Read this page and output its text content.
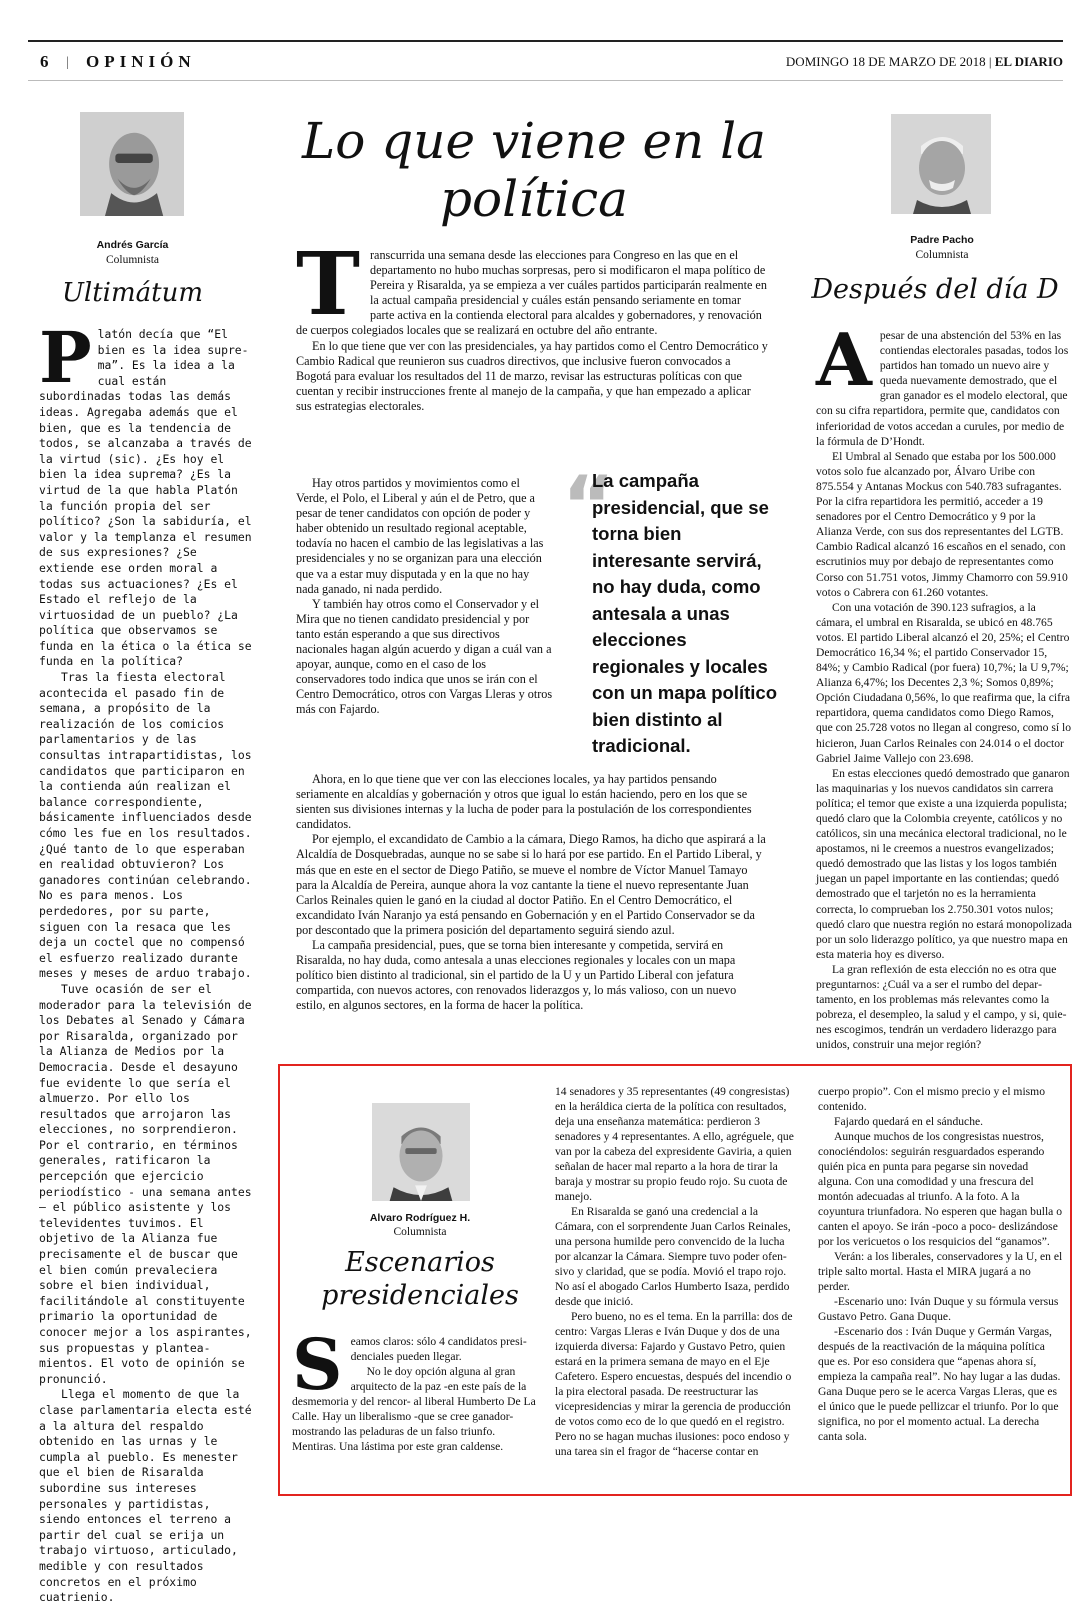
6 | OPINIÓN	DOMINGO 18 DE MARZO DE 2018 | EL DIARIO
Andrés García
Columnista
Ultimátum

Platón decía que “El bien es la idea suprema”. Es la idea a la cual están subordinadas todas las demás ideas. Agregaba además que el bien, que es la tendencia de todos, se alcanzaba a través de la virtud (sic). ¿Es hoy el bien la idea suprema? ¿Es la virtud de la que habla Platón la función propia del ser político? ¿Son la sabiduría, el valor y la templanza el resumen de sus expresiones? ¿Se extiende ese orden moral a todas sus actuaciones? ¿Es el Estado el reflejo de la virtuosidad de un pueblo? ¿La política que observamos se funda en la ética o la ética se funda en la política?

Tras la fiesta electoral acontecida el pasado fin de semana, a propósito de la realización de los comicios parlamentarios y de las consultas intrapartidistas, los candidatos que participaron en la contienda aún realizan el balance correspondiente, básicamente influenciados desde cómo les fue en los resultados. ¿Qué tanto de lo que esperaban en realidad obtuvieron? Los ganadores continúan celebrando. No es para menos. Los perdedores, por su parte, siguen con la resaca que les deja un coctel que no compensó el esfuerzo realizado durante meses y meses de arduo trabajo.

Tuve ocasión de ser el moderador para la televisión de los Debates al Senado y Cámara por Risaralda, organizado por la Alianza de Medios por la Democracia. Desde el desayuno fue evidente lo que sería el almuerzo. Por ello los resultados que arrojaron las elecciones, no sorprendieron. Por el contrario, en términos generales, ratificaron la percepción que ejercicio periodístico - una semana antes – el público asistente y los televidentes tuvimos. El objetivo de la Alianza fue precisamente el de buscar que el bien común prevaleciera sobre el bien individual, facilitándole al constituyente primario la oportunidad de conocer mejor a los aspirantes, sus propuestas y planteamientos. El voto de opinión se pronunció.

Llega el momento de que la clase parlamentaria electa esté a la altura del respaldo obtenido en las urnas y le cumpla al pueblo. Es menester que el bien de Risaralda subordine sus intereses personales y partidistas, siendo entonces el terreno a partir del cual se erija un trabajo virtuoso, articulado, medible y con resultados concretos en el próximo cuatrienio.

Lo que viene en la política

Transcurrida una semana desde las elecciones para Congreso en las que en el departamento no hubo muchas sorpresas, pero si modificaron el mapa político de Pereira y Risaralda, ya se empieza a ver cuáles partidos participarán realmente en la actual campaña presidencial y cuáles están pensando seriamente en tomar parte activa en la contienda electoral para alcaldes y gobernadores, y renovación de cuerpos colegiados locales que se realizará en octubre del año entrante.

En lo que tiene que ver con las presidenciales, ya hay partidos como el Centro Democrático y Cambio Radical que reunieron sus cuadros directivos, que inclusive fueron convocados a Bogotá para evaluar los resultados del 11 de marzo, revisar las estructuras políticas con que cuentan y recibir instrucciones frente al manejo de la campaña, y que han empezado a aplicar sus estrategias electorales.

Hay otros partidos y movimientos como el Verde, el Polo, el Liberal y aún el de Petro, que a pesar de tener candidatos con opción de poder y haber obtenido un resultado regional aceptable, todavía no hacen el cambio de las legislativas a las presidenciales y no se organizan para una elección que va a estar muy disputada y en la que no hay nada ganado, ni nada perdido.

Y también hay otros como el Conservador y el Mira que no tienen candidato presidencial y por tanto están esperando a que sus directivos nacionales hagan algún acuerdo y digan a cuál van a apoyar, aunque, como en el caso de los conservadores todo indica que unos se irán con el Centro Democrático, otros con Vargas Lleras y otros más con Fajardo.

“
La campaña presidencial, que se torna bien interesante servirá, no hay duda, como antesala a unas elecciones regionales y locales con un mapa político bien distinto al tradicional.

Ahora, en lo que tiene que ver con las elecciones locales, ya hay partidos pensando seriamente en alcaldías y gobernación y otros que igual lo están haciendo, pero en los que se sienten sus divisiones internas y la lucha de poder para la postulación de los correspondientes candidatos.

Por ejemplo, el excandidato de Cambio a la cámara, Diego Ramos, ha dicho que aspirará a la Alcaldía de Dosquebradas, aunque no se sabe si lo hará por ese partido. En el Partido Liberal, y más que en este en el sector de Diego Patiño, se mueve el nombre de Víctor Manuel Tamayo para la Alcaldía de Pereira, aunque ahora la voz cantante la tiene el nuevo representante Juan Carlos Reinales quien le ganó en la ciudad al doctor Patiño. En el Centro Democrático, el excandidato Iván Naranjo ya está pensando en Gobernación y en el Partido Conservador se da por descontado que la primera posición del departamento seguirá siendo azul.

La campaña presidencial, pues, que se torna bien interesante y competida, servirá en Risaralda, no hay duda, como antesala a unas elecciones regionales y locales con un mapa político bien distinto al tradicional, sin el partido de la U y un Partido Liberal con jefatura compartida, con nuevos actores, con renovados liderazgos y, lo más valioso, con un nuevo estilo, en algunos sectores, en la forma de hacer la política.

Padre Pacho
Columnista
Después del día D

Apesar de una abstención del 53% en las contiendas electorales pasadas, todos los partidos han tomado un nuevo aire y queda nuevamente demostrado, que el gran ganador es el modelo electoral, que con su cifra repartidora, permite que, candidatos con inferioridad de votos accedan a curules, por medio de la fórmula de D’Hondt.

El Umbral al Senado que estaba por los 500.000 votos solo fue alcanzado por, Álvaro Uribe con 875.554 y Antanas Mockus con 540.783 sufragantes. Por la cifra repartidora les permitió, acceder a 19 senadores por el Centro Democrático y 9 por la Alianza Verde, con sus dos representantes del LGTB. Cambio Radical alcanzó 16 escaños en el senado, con escrutinios muy por debajo de representantes como Corso con 51.751 votos, Jimmy Chamorro con 59.910 votos o Cabrera con 61.260 votantes.

Con una votación de 390.123 sufragios, a la cámara, el umbral en Risaralda, se ubicó en 48.765 votos. El partido Liberal alcanzó el 20, 25%; el Centro Democrático 16,34 %; el partido Conservador 15, 84%; y Cambio Radical (por fuera) 10,7%; la U 9,7%; Alianza 6,47%; los Decentes 2,3 %; Somos 0,89%; Opción Ciudadana 0,56%, lo que reafirma que, la cifra repartidora, quema candidatos como Diego Ramos, que con 25.728 votos no llegan al congreso, como sí lo hicieron, Juan Carlos Reinales con 24.014 o el doctor Gabriel Jaime Vallejo con 23.698.

En estas elecciones quedó demostrado que ganaron las maquinarias y los nuevos candidatos sin carrera política; el temor que existe a una izquierda populista; quedó claro que la Colombia creyente, católicos y no católicos, sin una mecánica electoral tradicional, no le apostamos, ni le creemos a nuestros evangelizados; quedó demostrado que las listas y los logos también juegan un papel importante en las contiendas; quedó demostrado que el tarjetón no es la herramienta correcta, lo comprueban los 2.750.301 votos nulos; quedó claro que nuestra región no estará monopolizada por un solo liderazgo político, ya que nuestro mapa en esta materia hoy es diverso.

La gran reflexión de esta elección no es otra que preguntarnos: ¿Cuál va a ser el rumbo del departamento, en los problemas más relevantes como la pobreza, el desempleo, la salud y el campo, y si, quienes escogimos, tendrán un verdadero liderazgo para unidos, construir una mejor región?

Alvaro Rodríguez H.
Columnista
Escenarios presidenciales

Seamos claros: sólo 4 candidatos presidenciales pueden llegar.

No le doy opción alguna al gran arquitecto de la paz -en este país de la desmemoria y del rencor- al liberal Humberto De La Calle. Hay un liberalismo -que se cree ganador- mostrando las peladuras de un falso triunfo. Mentiras. Una lástima por este gran caldense.

14 senadores y 35 representantes (49 congresistas) en la heráldica cierta de la política con resultados, deja una enseñanza matemática: perdieron 3 senadores y 4 representantes. A ello, agréguele, que van por la cabeza del expresidente Gaviria, a quien señalan de hacer mal reparto a la hora de tirar la baraja y mostrar su propio feudo rojo. Su cuota de manejo.

En Risaralda se ganó una credencial a la Cámara, con el sorprendente Juan Carlos Reinales, una persona humilde pero convencido de la lucha por alcanzar la Cámara. Siempre tuvo poder ofensivo y claridad, que se podía. Movió el trapo rojo. No así el abogado Carlos Humberto Isaza, perdido desde que inició.

Pero bueno, no es el tema. En la parrilla: dos de centro: Vargas Lleras e Iván Duque y dos de una izquierda diversa: Fajardo y Gustavo Petro, quien estará en la primera semana de mayo en el Eje Cafetero. Espero encuestas, después del incendio o la pira electoral pasada. De reestructurar las vicepresidencias y mirar la gerencia de producción de votos como eco de lo que quedó en el registro. Pero no se hagan muchas ilusiones: poco endoso y una tarea sin el fragor de “hacerse contar en

cuerpo propio”. Con el mismo precio y el mismo contenido.

Fajardo quedará en el sánduche.

Aunque muchos de los congresistas nuestros, conociéndolos: seguirán resguardados esperando quién pica en punta para pegarse sin novedad alguna. Con una comodidad y una frescura del montón adecuadas al triunfo. A la foto. A la coyuntura triunfadora. No esperen que hagan bulla o canten el apoyo. Se irán -poco a poco- deslizándose por los vericuetos o los resquicios del “ganamos”.

Verán: a los liberales, conservadores y la U, en el triple salto mortal. Hasta el MIRA jugará a no perder.

-Escenario uno: Iván Duque y su fórmula versus Gustavo Petro. Gana Duque.

-Escenario dos : Iván Duque y Germán Vargas, después de la reactivación de la máquina política que es. Por eso considera que “apenas ahora sí, empieza la campaña real”. No hay lugar a las dudas. Gana Duque pero se le acerca Vargas Lleras, que es el único que le puede pellizcar el triunfo. Por lo que significa, no por el momento actual. La derecha canta sola.
